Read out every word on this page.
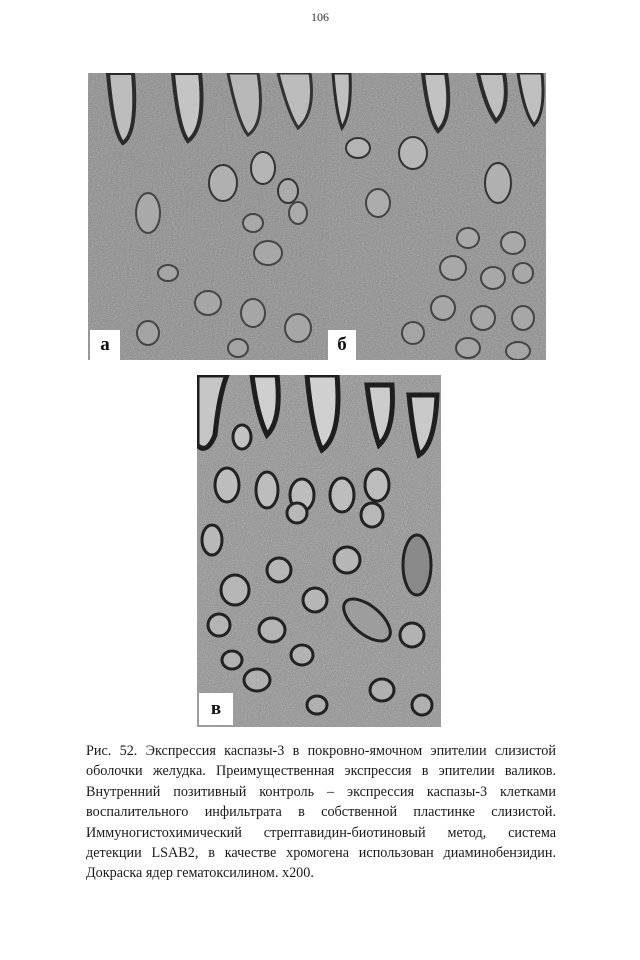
106
а	б
в
Рис. 52. Экспрессия каспазы-3 в покровно-ямочном эпителии слизистой оболочки желудка. Преимущественная экспрессия в эпителии валиков. Внутренний позитивный контроль – экспрессия каспазы-3 клетками воспалительного инфильтрата в собственной пластинке слизистой. Иммуногистохимический стрептавидин-биотиновый метод, система детекции LSAB2, в качестве хромогена использован диаминобензидин. Докраска ядер гематоксилином. х200.
